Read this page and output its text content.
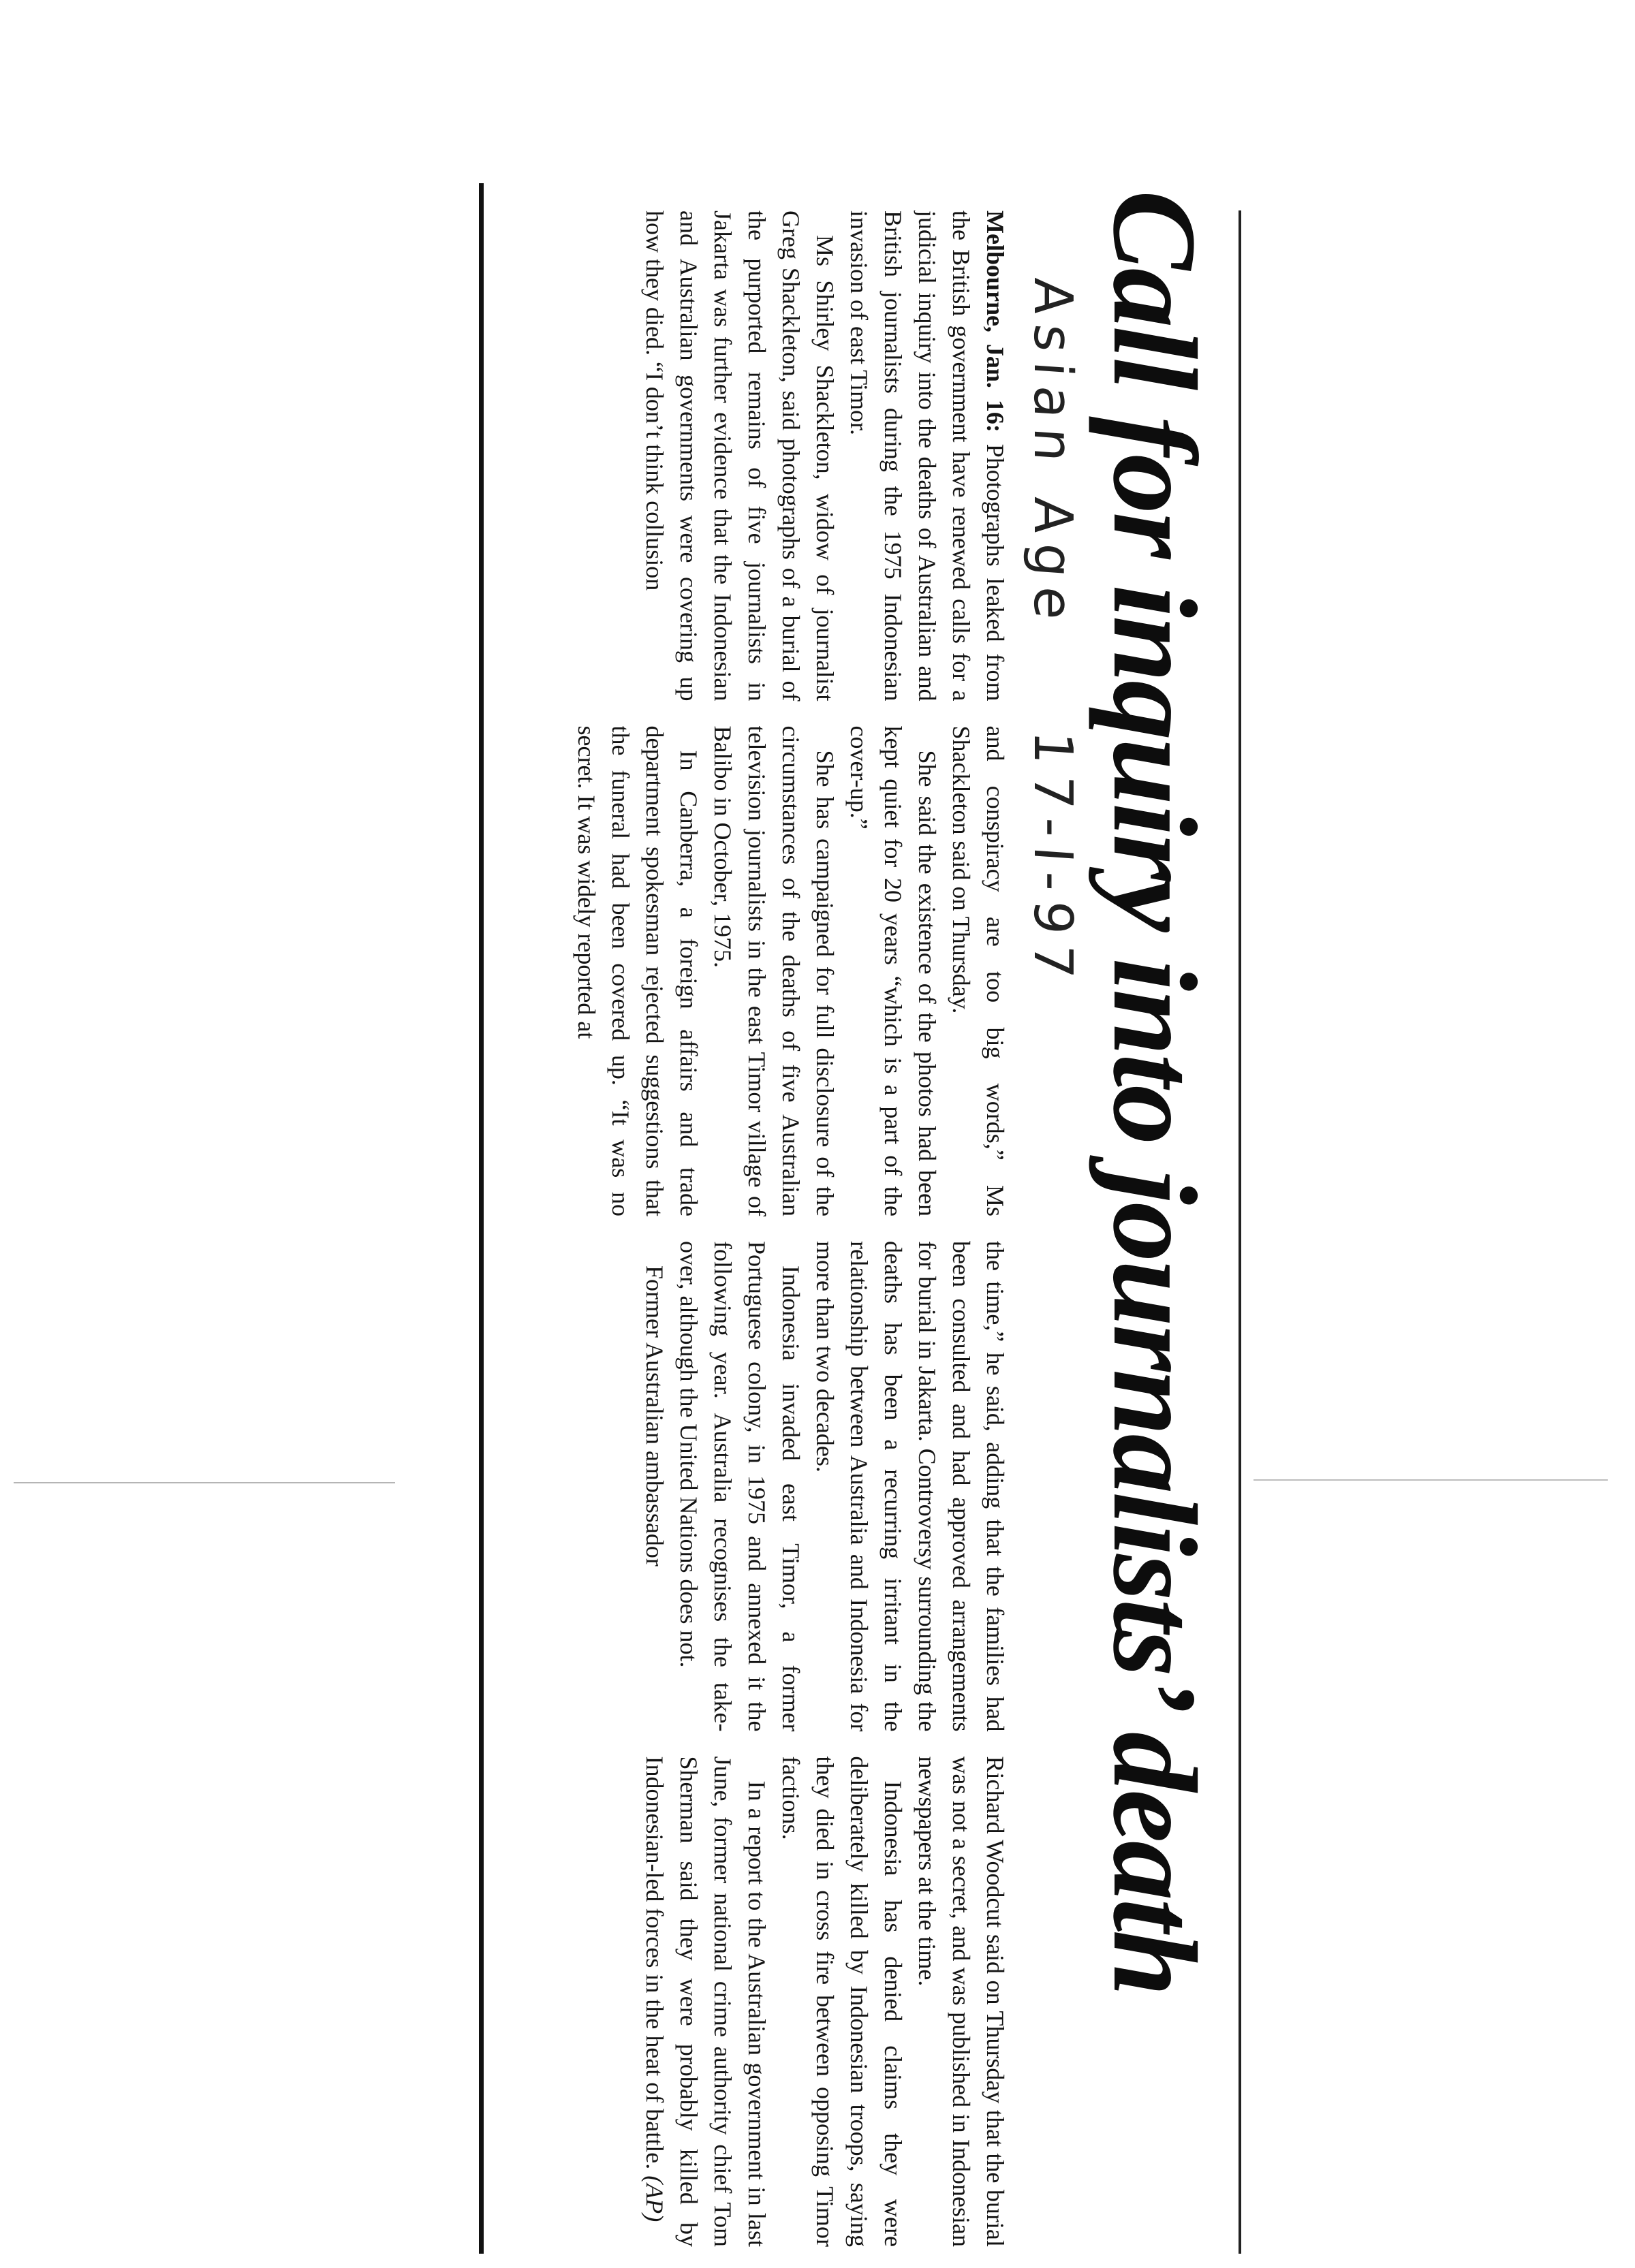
Call for inquiry into journalists’ death
Asian Age17-I-97

Melbourne, Jan. 16: Photographs leaked from the British government have renewed calls for a judicial inquiry into the deaths of Australian and British journalists during the 1975 Indonesian invasion of east Timor.

Ms Shirley Shackleton, widow of journalist Greg Shackleton, said photographs of a burial of the purported remains of five journalists in Jakarta was further evidence that the Indonesian and Australian governments were covering up how they died. “I don’t think collusion

and conspiracy are too big words,” Ms Shackleton said on Thursday.

She said the existence of the photos had been kept quiet for 20 years “which is a part of the cover-up.”

She has campaigned for full disclosure of the circumstances of the deaths of five Australian television journalists in the east Timor village of Balibo in October, 1975.

In Canberra, a foreign affairs and trade department spokesman rejected suggestions that the funeral had been covered up. “It was no secret. It was widely reported at

the time,” he said, adding that the families had been consulted and had approved arrangements for burial in Jakarta. Controversy surrounding the deaths has been a recurring irritant in the relationship between Australia and Indonesia for more than two decades.

Indonesia invaded east Timor, a former Portuguese colony, in 1975 and annexed it the following year. Australia recognises the take-over, although the United Nations does not.

Former Australian ambassador

Richard Woodcut said on Thursday that the burial was not a secret, and was published in Indonesian newspapers at the time.

Indonesia has denied claims they were deliberately killed by Indonesian troops, saying they died in cross fire between opposing Timor factions.

In a report to the Australian government in last June, former national crime authority chief Tom Sherman said they were probably killed by Indonesian-led forces in the heat of battle. (AP)
